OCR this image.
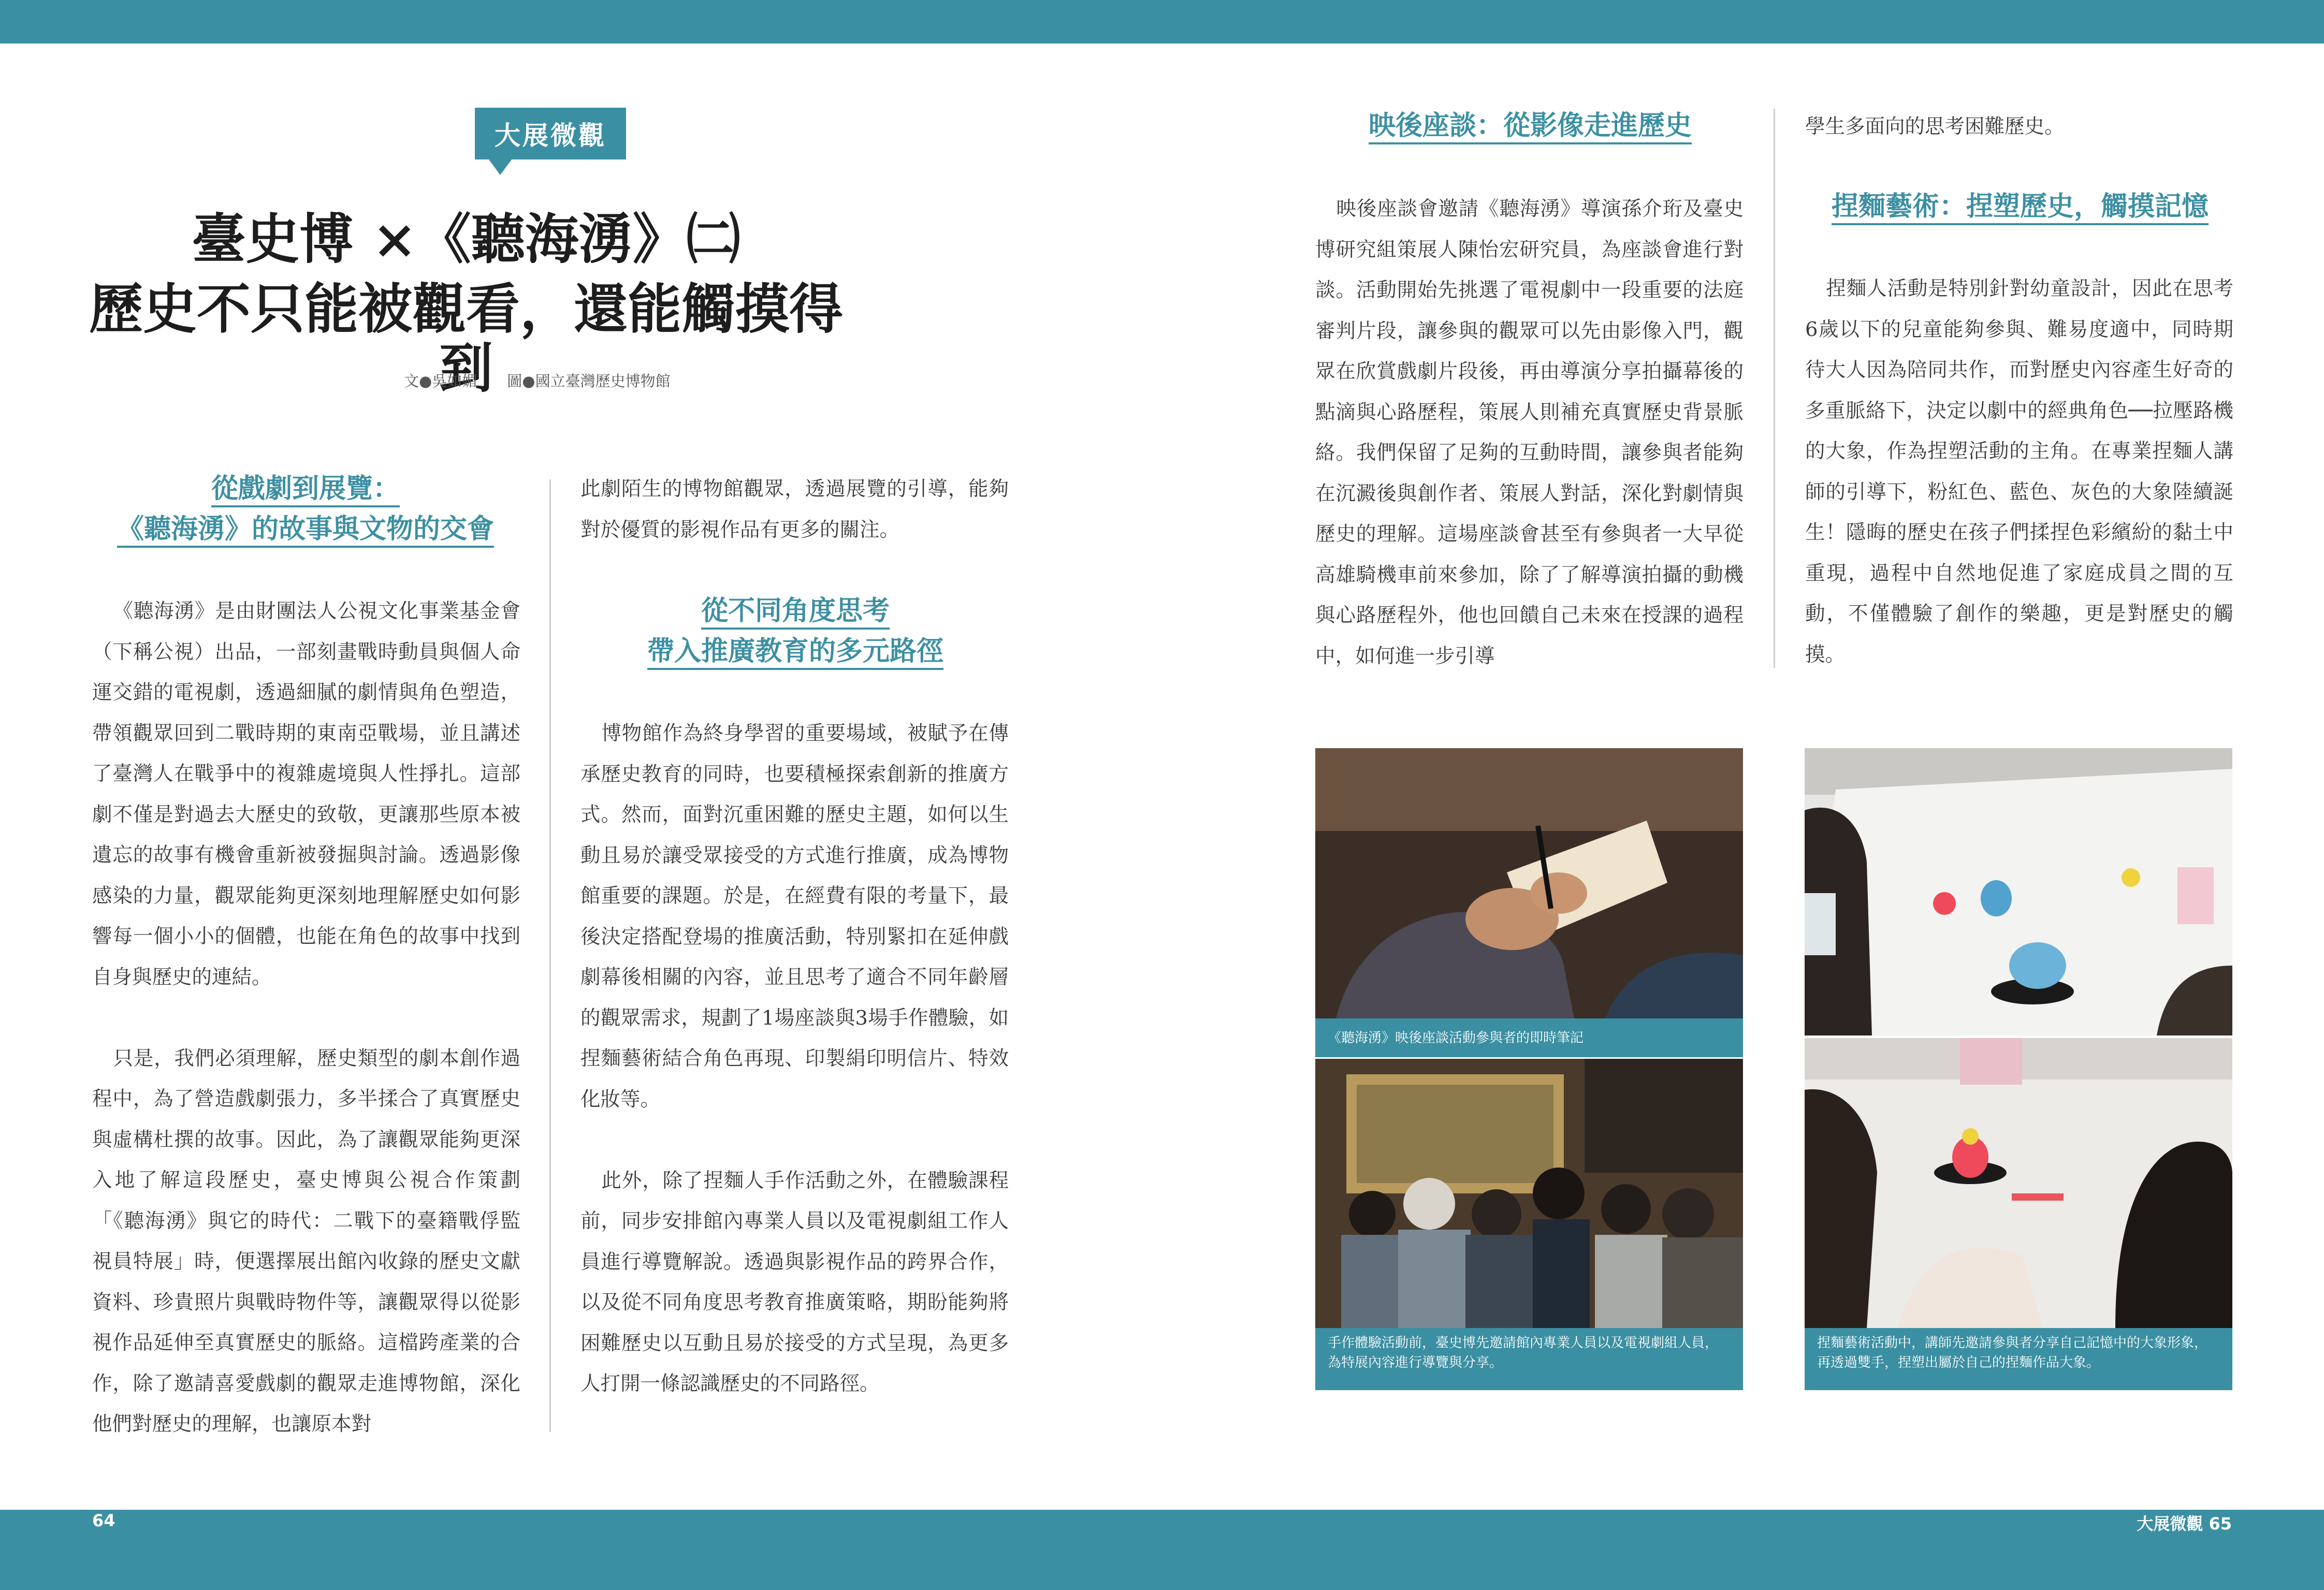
64	大展微觀 65
大展微觀
臺史博 ×《聽海湧》㈡
歷史不只能被觀看，還能觸摸得到
文●吳如媚　　圖●國立臺灣歷史博物館
從戲劇到展覽：
《聽海湧》的故事與文物的交會

《聽海湧》是由財團法人公視文化事業基金會（下稱公視）出品，一部刻畫戰時動員與個人命運交錯的電視劇，透過細膩的劇情與角色塑造，帶領觀眾回到二戰時期的東南亞戰場，並且講述了臺灣人在戰爭中的複雜處境與人性掙扎。這部劇不僅是對過去大歷史的致敬，更讓那些原本被遺忘的故事有機會重新被發掘與討論。透過影像感染的力量，觀眾能夠更深刻地理解歷史如何影響每一個小小的個體，也能在角色的故事中找到自身與歷史的連結。

只是，我們必須理解，歷史類型的劇本創作過程中，為了營造戲劇張力，多半揉合了真實歷史與虛構杜撰的故事。因此，為了讓觀眾能夠更深入地了解這段歷史，臺史博與公視合作策劃「《聽海湧》與它的時代：二戰下的臺籍戰俘監視員特展」時，便選擇展出館內收錄的歷史文獻資料、珍貴照片與戰時物件等，讓觀眾得以從影視作品延伸至真實歷史的脈絡。這檔跨產業的合作，除了邀請喜愛戲劇的觀眾走進博物館，深化他們對歷史的理解，也讓原本對

此劇陌生的博物館觀眾，透過展覽的引導，能夠對於優質的影視作品有更多的關注。

從不同角度思考
帶入推廣教育的多元路徑

博物館作為終身學習的重要場域，被賦予在傳承歷史教育的同時，也要積極探索創新的推廣方式。然而，面對沉重困難的歷史主題，如何以生動且易於讓受眾接受的方式進行推廣，成為博物館重要的課題。於是，在經費有限的考量下，最後決定搭配登場的推廣活動，特別緊扣在延伸戲劇幕後相關的內容，並且思考了適合不同年齡層的觀眾需求，規劃了1場座談與3場手作體驗，如捏麵藝術結合角色再現、印製絹印明信片、特效化妝等。

此外，除了捏麵人手作活動之外，在體驗課程前，同步安排館內專業人員以及電視劇組工作人員進行導覽解說。透過與影視作品的跨界合作，以及從不同角度思考教育推廣策略，期盼能夠將困難歷史以互動且易於接受的方式呈現，為更多人打開一條認識歷史的不同路徑。

映後座談：從影像走進歷史

映後座談會邀請《聽海湧》導演孫介珩及臺史博研究組策展人陳怡宏研究員，為座談會進行對談。活動開始先挑選了電視劇中一段重要的法庭審判片段，讓參與的觀眾可以先由影像入門，觀眾在欣賞戲劇片段後，再由導演分享拍攝幕後的點滴與心路歷程，策展人則補充真實歷史背景脈絡。我們保留了足夠的互動時間，讓參與者能夠在沉澱後與創作者、策展人對話，深化對劇情與歷史的理解。這場座談會甚至有參與者一大早從高雄騎機車前來參加，除了了解導演拍攝的動機與心路歷程外，他也回饋自己未來在授課的過程中，如何進一步引導

學生多面向的思考困難歷史。

捏麵藝術：捏塑歷史，觸摸記憶

捏麵人活動是特別針對幼童設計，因此在思考6歲以下的兒童能夠參與、難易度適中，同時期待大人因為陪同共作，而對歷史內容產生好奇的多重脈絡下，決定以劇中的經典角色──拉壓路機的大象，作為捏塑活動的主角。在專業捏麵人講師的引導下，粉紅色、藍色、灰色的大象陸續誕生！隱晦的歷史在孩子們揉捏色彩繽紛的黏土中重現，過程中自然地促進了家庭成員之間的互動，不僅體驗了創作的樂趣，更是對歷史的觸摸。

《聽海湧》映後座談活動參與者的即時筆記
手作體驗活動前，臺史博先邀請館內專業人員以及電視劇組人員，為特展內容進行導覽與分享。
捏麵藝術活動中，講師先邀請參與者分享自己記憶中的大象形象，再透過雙手，捏塑出屬於自己的捏麵作品大象。
